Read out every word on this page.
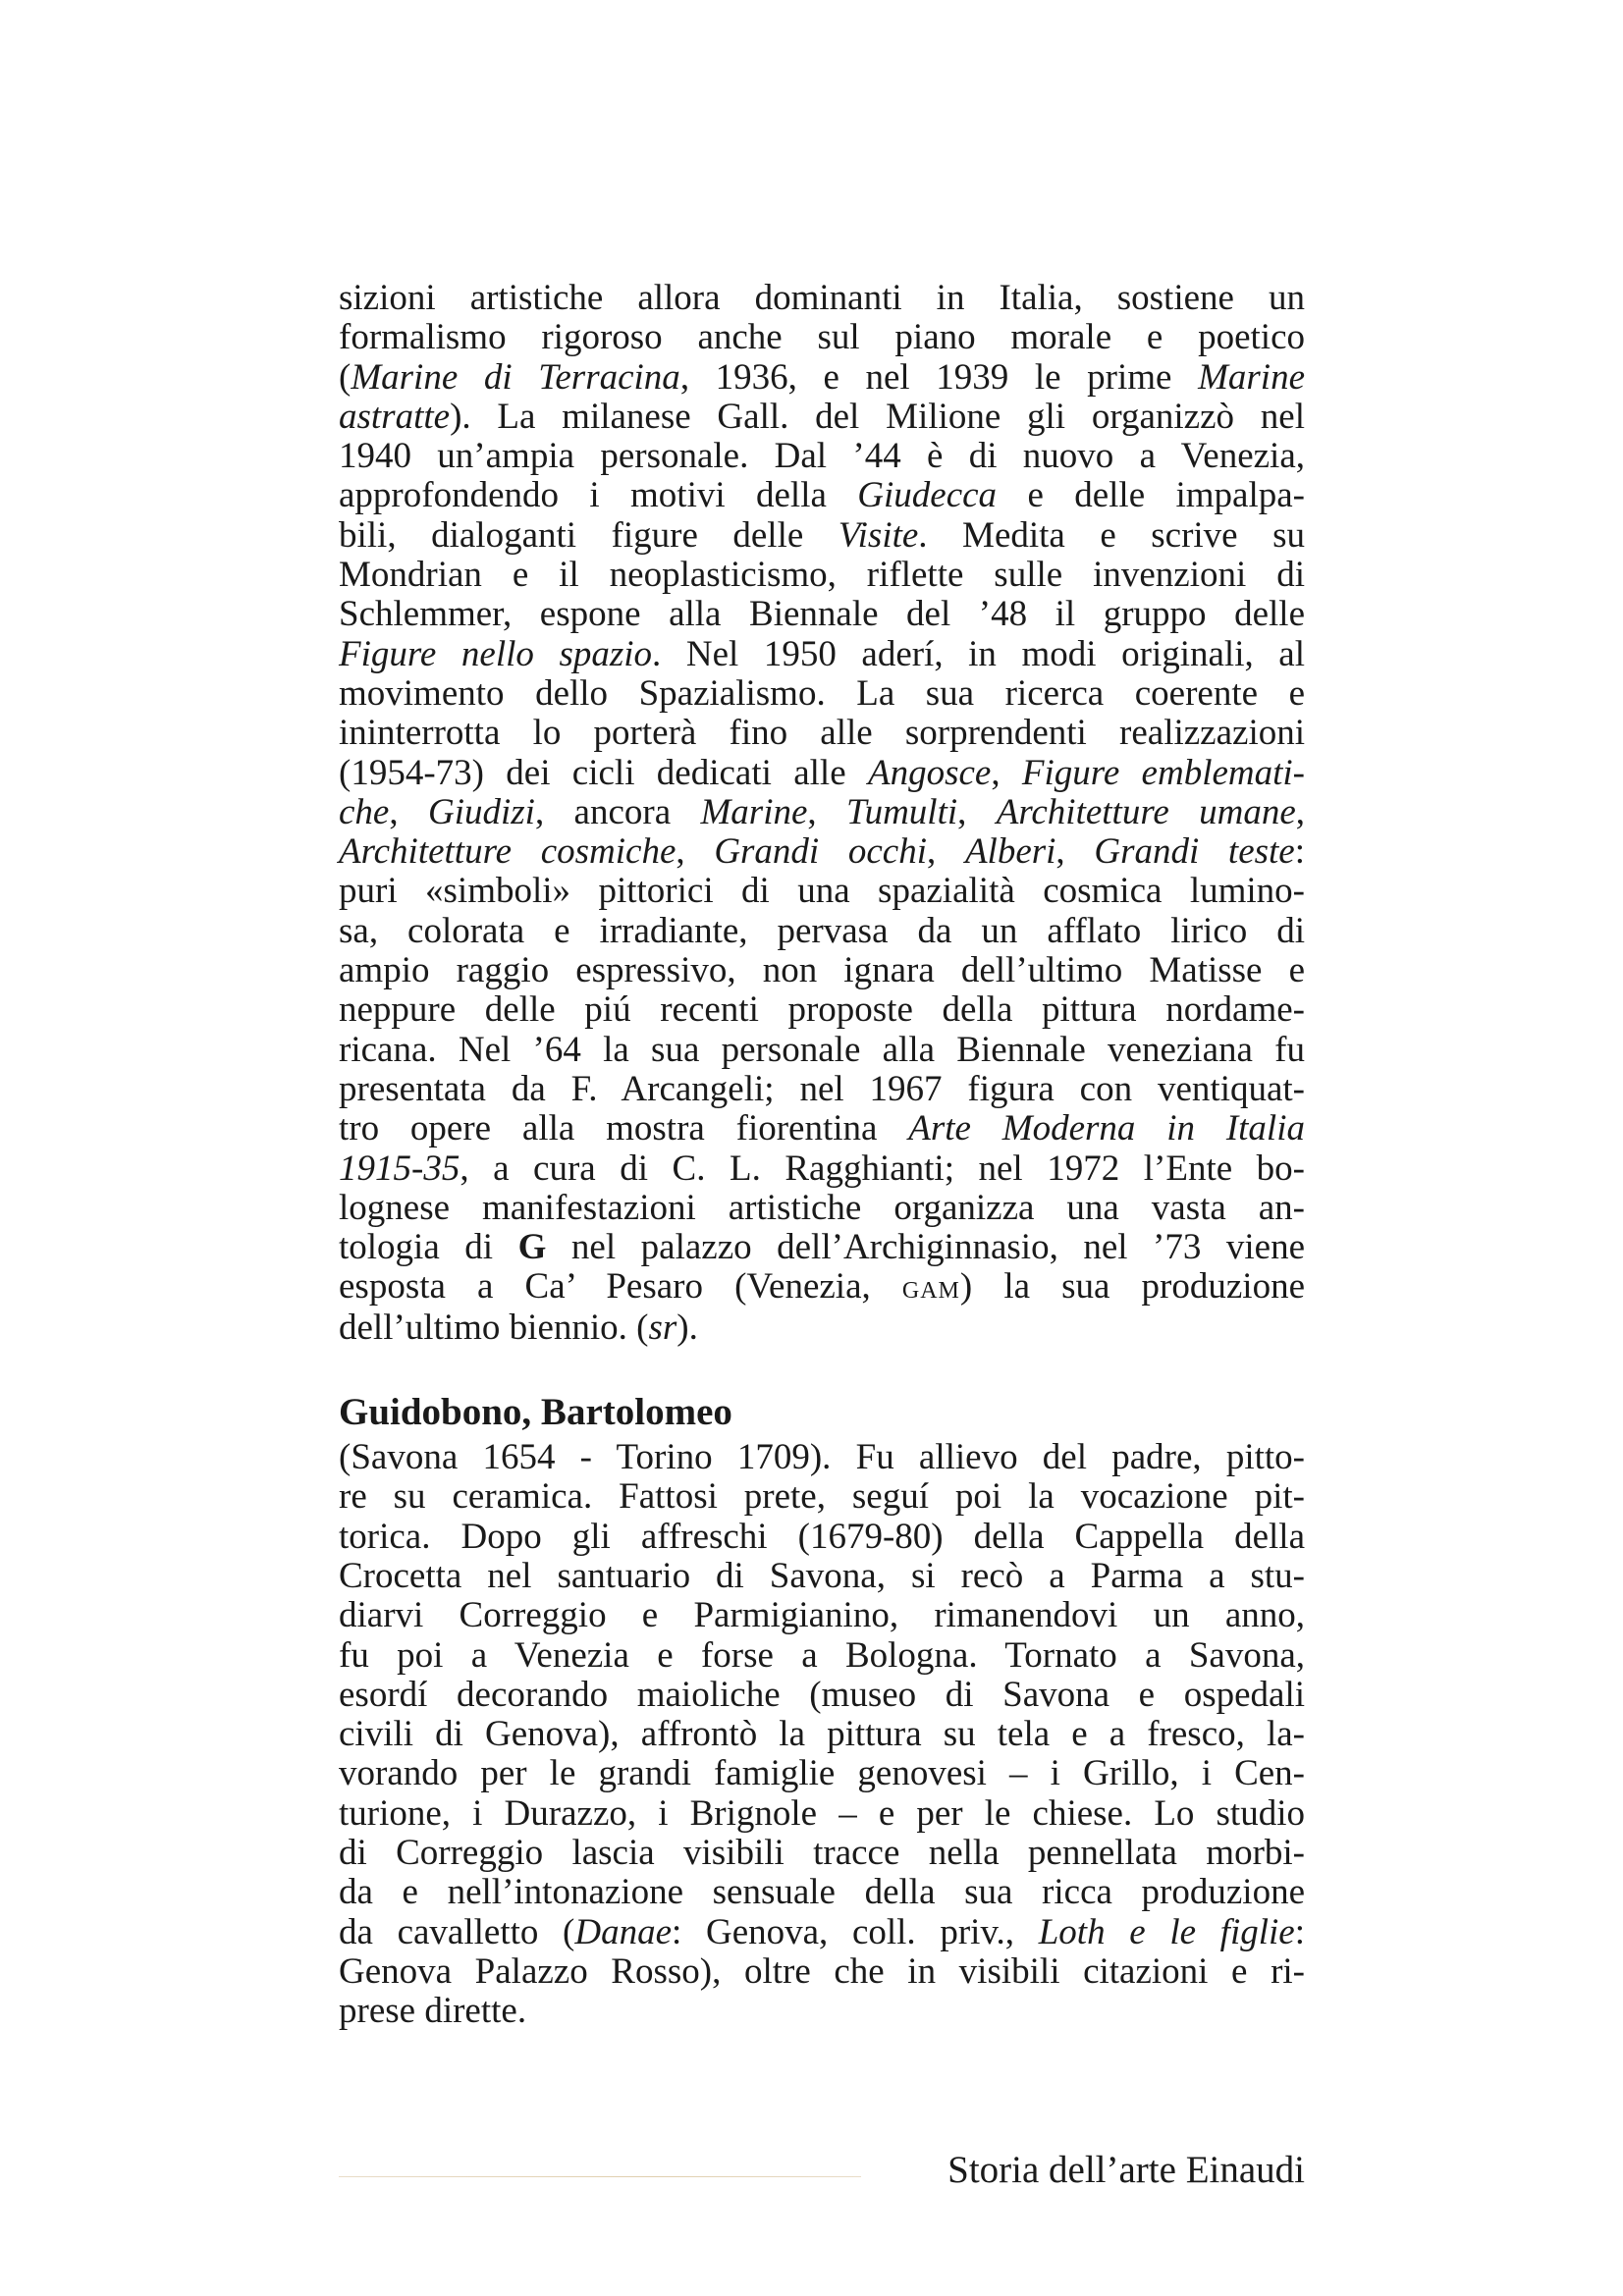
sizioni artistiche allora dominanti in Italia, sostiene un
formalismo rigoroso anche sul piano morale e poetico
(Marine di Terracina, 1936, e nel 1939 le prime Marine
astratte). La milanese Gall. del Milione gli organizzò nel
1940 un’ampia personale. Dal ’44 è di nuovo a Venezia,
approfondendo i motivi della Giudecca e delle impalpa-
bili, dialoganti figure delle Visite. Medita e scrive su
Mondrian e il neoplasticismo, riflette sulle invenzioni di
Schlemmer, espone alla Biennale del ’48 il gruppo delle
Figure nello spazio. Nel 1950 aderí, in modi originali, al
movimento dello Spazialismo. La sua ricerca coerente e
ininterrotta lo porterà fino alle sorprendenti realizzazioni
(1954-73) dei cicli dedicati alle Angosce, Figure emblemati-
che, Giudizi, ancora Marine, Tumulti, Architetture umane,
Architetture cosmiche, Grandi occhi, Alberi, Grandi teste:
puri «simboli» pittorici di una spazialità cosmica lumino-
sa, colorata e irradiante, pervasa da un afflato lirico di
ampio raggio espressivo, non ignara dell’ultimo Matisse e
neppure delle piú recenti proposte della pittura nordame-
ricana. Nel ’64 la sua personale alla Biennale veneziana fu
presentata da F. Arcangeli; nel 1967 figura con ventiquat-
tro opere alla mostra fiorentina Arte Moderna in Italia
1915-35, a cura di C. L. Ragghianti; nel 1972 l’Ente bo-
lognese manifestazioni artistiche organizza una vasta an-
tologia di G nel palazzo dell’Archiginnasio, nel ’73 viene
esposta a Ca’ Pesaro (Venezia, gam) la sua produzione
dell’ultimo biennio. (sr).

Guidobono, Bartolomeo

(Savona 1654 - Torino 1709). Fu allievo del padre, pitto-
re su ceramica. Fattosi prete, seguí poi la vocazione pit-
torica. Dopo gli affreschi (1679-80) della Cappella della
Crocetta nel santuario di Savona, si recò a Parma a stu-
diarvi Correggio e Parmigianino, rimanendovi un anno,
fu poi a Venezia e forse a Bologna. Tornato a Savona,
esordí decorando maioliche (museo di Savona e ospedali
civili di Genova), affrontò la pittura su tela e a fresco, la-
vorando per le grandi famiglie genovesi – i Grillo, i Cen-
turione, i Durazzo, i Brignole – e per le chiese. Lo studio
di Correggio lascia visibili tracce nella pennellata morbi-
da e nell’intonazione sensuale della sua ricca produzione
da cavalletto (Danae: Genova, coll. priv., Loth e le figlie:
Genova Palazzo Rosso), oltre che in visibili citazioni e ri-
prese dirette.

Storia dell’arte Einaudi
